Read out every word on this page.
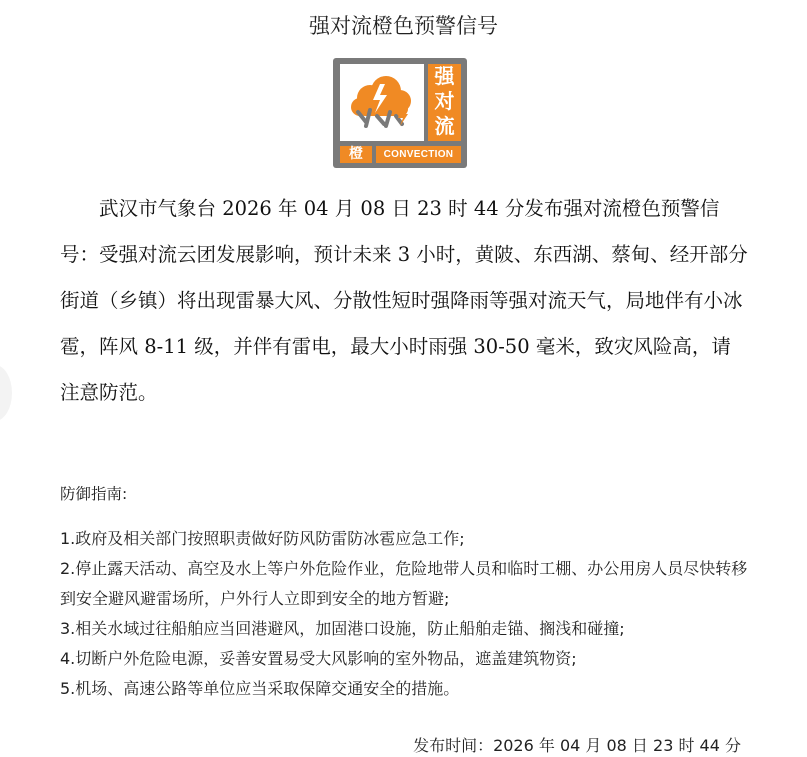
强对流橙色预警信号
强
对
流
橙	CONVECTION

武汉市气象台 2026 年 04 月 08 日 23 时 44 分发布强对流橙色预警信号：受强对流云团发展影响，预计未来 3 小时，黄陂、东西湖、蔡甸、经开部分街道（乡镇）将出现雷暴大风、分散性短时强降雨等强对流天气，局地伴有小冰雹，阵风 8-11 级，并伴有雷电，最大小时雨强 30-50 毫米，致灾风险高，请注意防范。

防御指南:
1.政府及相关部门按照职责做好防风防雷防冰雹应急工作;
2.停止露天活动、高空及水上等户外危险作业，危险地带人员和临时工棚、办公用房人员尽快转移到安全避风避雷场所，户外行人立即到安全的地方暂避;
3.相关水域过往船舶应当回港避风，加固港口设施，防止船舶走锚、搁浅和碰撞;
4.切断户外危险电源，妥善安置易受大风影响的室外物品，遮盖建筑物资;
5.机场、高速公路等单位应当采取保障交通安全的措施。
发布时间：2026 年 04 月 08 日 23 时 44 分
